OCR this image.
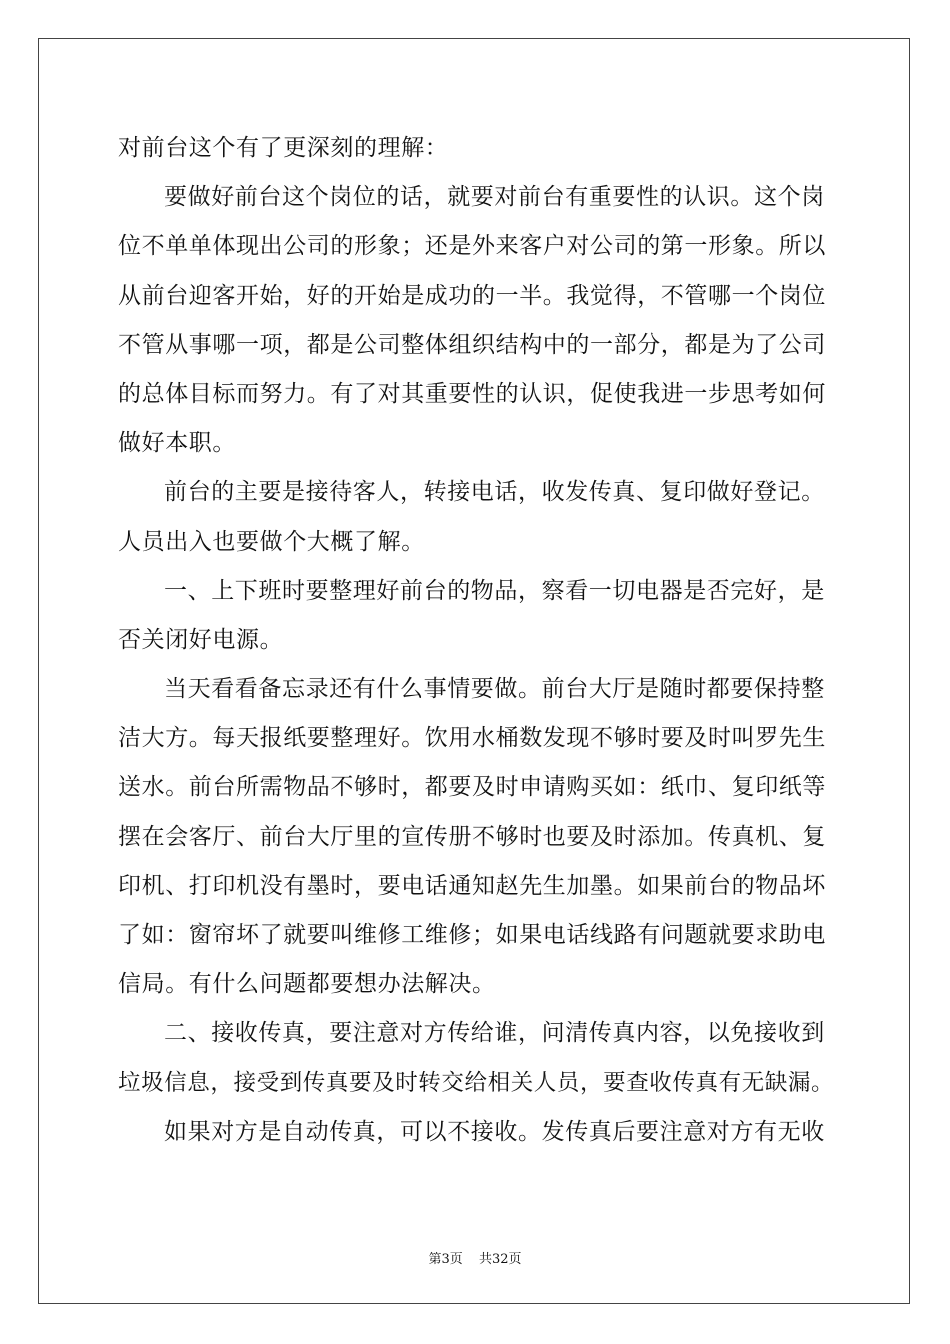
对前台这个有了更深刻的理解：
要做好前台这个岗位的话，就要对前台有重要性的认识。这个岗
位不单单体现出公司的形象；还是外来客户对公司的第一形象。所以
从前台迎客开始，好的开始是成功的一半。我觉得，不管哪一个岗位
不管从事哪一项，都是公司整体组织结构中的一部分，都是为了公司
的总体目标而努力。有了对其重要性的认识，促使我进一步思考如何
做好本职。
前台的主要是接待客人，转接电话，收发传真、复印做好登记。
人员出入也要做个大概了解。
一、上下班时要整理好前台的物品，察看一切电器是否完好，是
否关闭好电源。
当天看看备忘录还有什么事情要做。前台大厅是随时都要保持整
洁大方。每天报纸要整理好。饮用水桶数发现不够时要及时叫罗先生
送水。前台所需物品不够时，都要及时申请购买如：纸巾、复印纸等
摆在会客厅、前台大厅里的宣传册不够时也要及时添加。传真机、复
印机、打印机没有墨时，要电话通知赵先生加墨。如果前台的物品坏
了如：窗帘坏了就要叫维修工维修；如果电话线路有问题就要求助电
信局。有什么问题都要想办法解决。
二、接收传真，要注意对方传给谁，问清传真内容，以免接收到
垃圾信息，接受到传真要及时转交给相关人员，要查收传真有无缺漏。
如果对方是自动传真，可以不接收。发传真后要注意对方有无收
第3页 共32页
